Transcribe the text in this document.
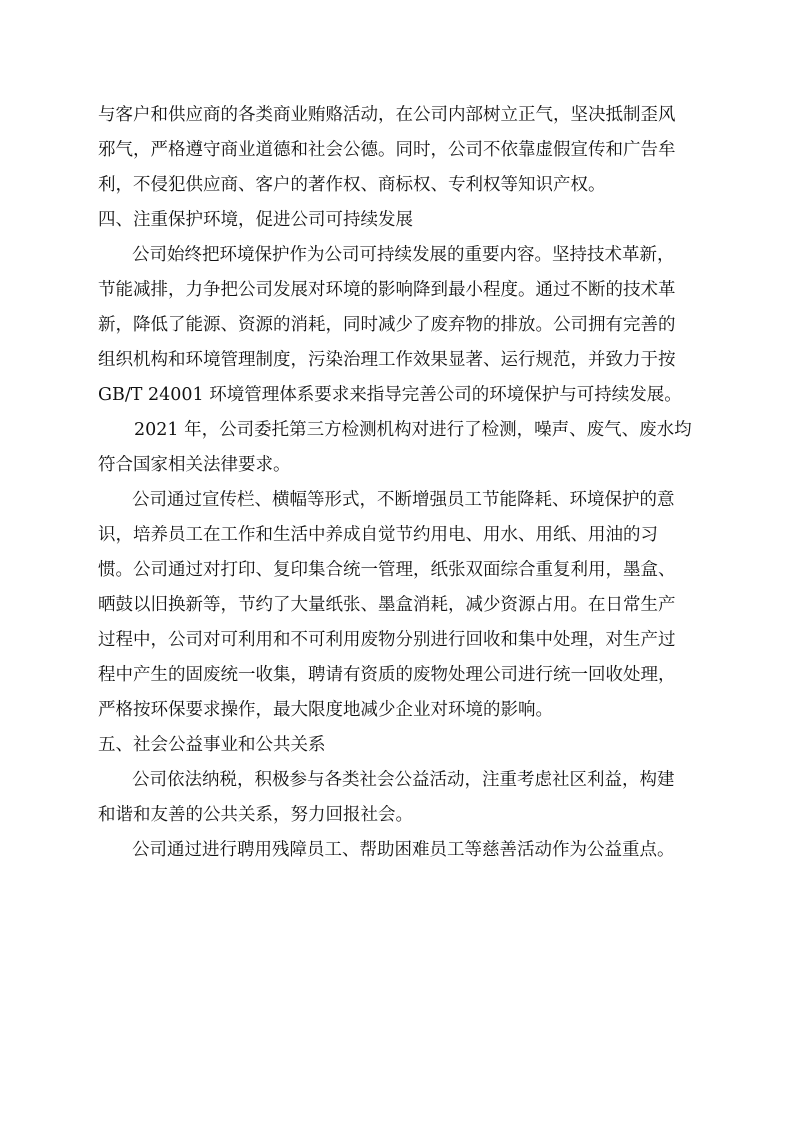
与客户和供应商的各类商业贿赂活动，在公司内部树立正气，坚决抵制歪风
邪气，严格遵守商业道德和社会公德。同时，公司不依靠虚假宣传和广告牟
利，不侵犯供应商、客户的著作权、商标权、专利权等知识产权。
四、注重保护环境，促进公司可持续发展
公司始终把环境保护作为公司可持续发展的重要内容。坚持技术革新，
节能减排，力争把公司发展对环境的影响降到最小程度。通过不断的技术革
新，降低了能源、资源的消耗，同时减少了废弃物的排放。公司拥有完善的
组织机构和环境管理制度，污染治理工作效果显著、运行规范，并致力于按
GB/T 24001 环境管理体系要求来指导完善公司的环境保护与可持续发展。
2021 年，公司委托第三方检测机构对进行了检测，噪声、废气、废水均
符合国家相关法律要求。
公司通过宣传栏、横幅等形式，不断增强员工节能降耗、环境保护的意
识，培养员工在工作和生活中养成自觉节约用电、用水、用纸、用油的习
惯。公司通过对打印、复印集合统一管理，纸张双面综合重复利用，墨盒、
晒鼓以旧换新等，节约了大量纸张、墨盒消耗，减少资源占用。在日常生产
过程中，公司对可利用和不可利用废物分别进行回收和集中处理，对生产过
程中产生的固废统一收集，聘请有资质的废物处理公司进行统一回收处理，
严格按环保要求操作，最大限度地减少企业对环境的影响。
五、社会公益事业和公共关系
公司依法纳税，积极参与各类社会公益活动，注重考虑社区利益，构建
和谐和友善的公共关系，努力回报社会。
公司通过进行聘用残障员工、帮助困难员工等慈善活动作为公益重点。
